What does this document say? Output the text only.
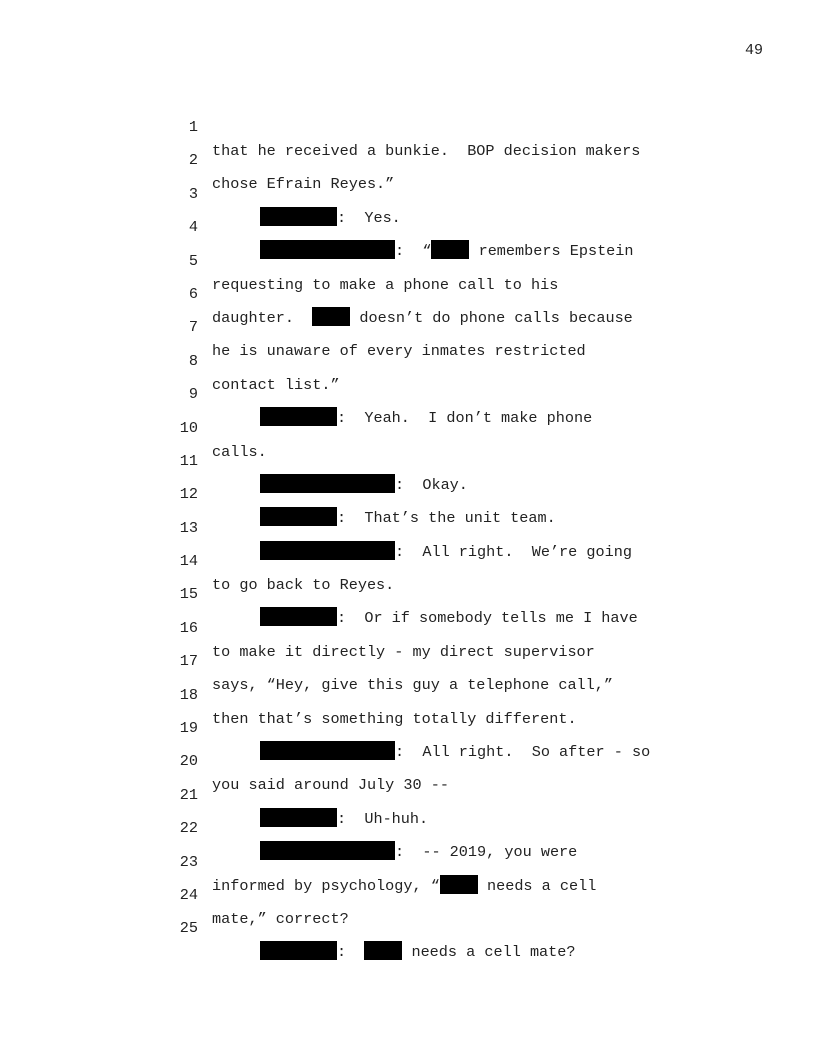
49

1

that he received a bunkie.  BOP decision makers

2

chose Efrain Reyes.”

3

:  Yes.

4

:  “	remembers Epstein

5

requesting to make a phone call to his

6

daughter.	doesn’t do phone calls because

7

he is unaware of every inmates restricted

8

contact list.”

9

:  Yeah.  I don’t make phone

10

calls.

11

:  Okay.

12

:  That’s the unit team.

13

:  All right.  We’re going

14

to go back to Reyes.

15

:  Or if somebody tells me I have

16

to make it directly - my direct supervisor

17

says, “Hey, give this guy a telephone call,”

18

then that’s something totally different.

19

:  All right.  So after - so

20

you said around July 30 --

21

:  Uh-huh.

22

:  -- 2019, you were

23

informed by psychology, “	needs a cell

24

mate,” correct?

25

:	needs a cell mate?
